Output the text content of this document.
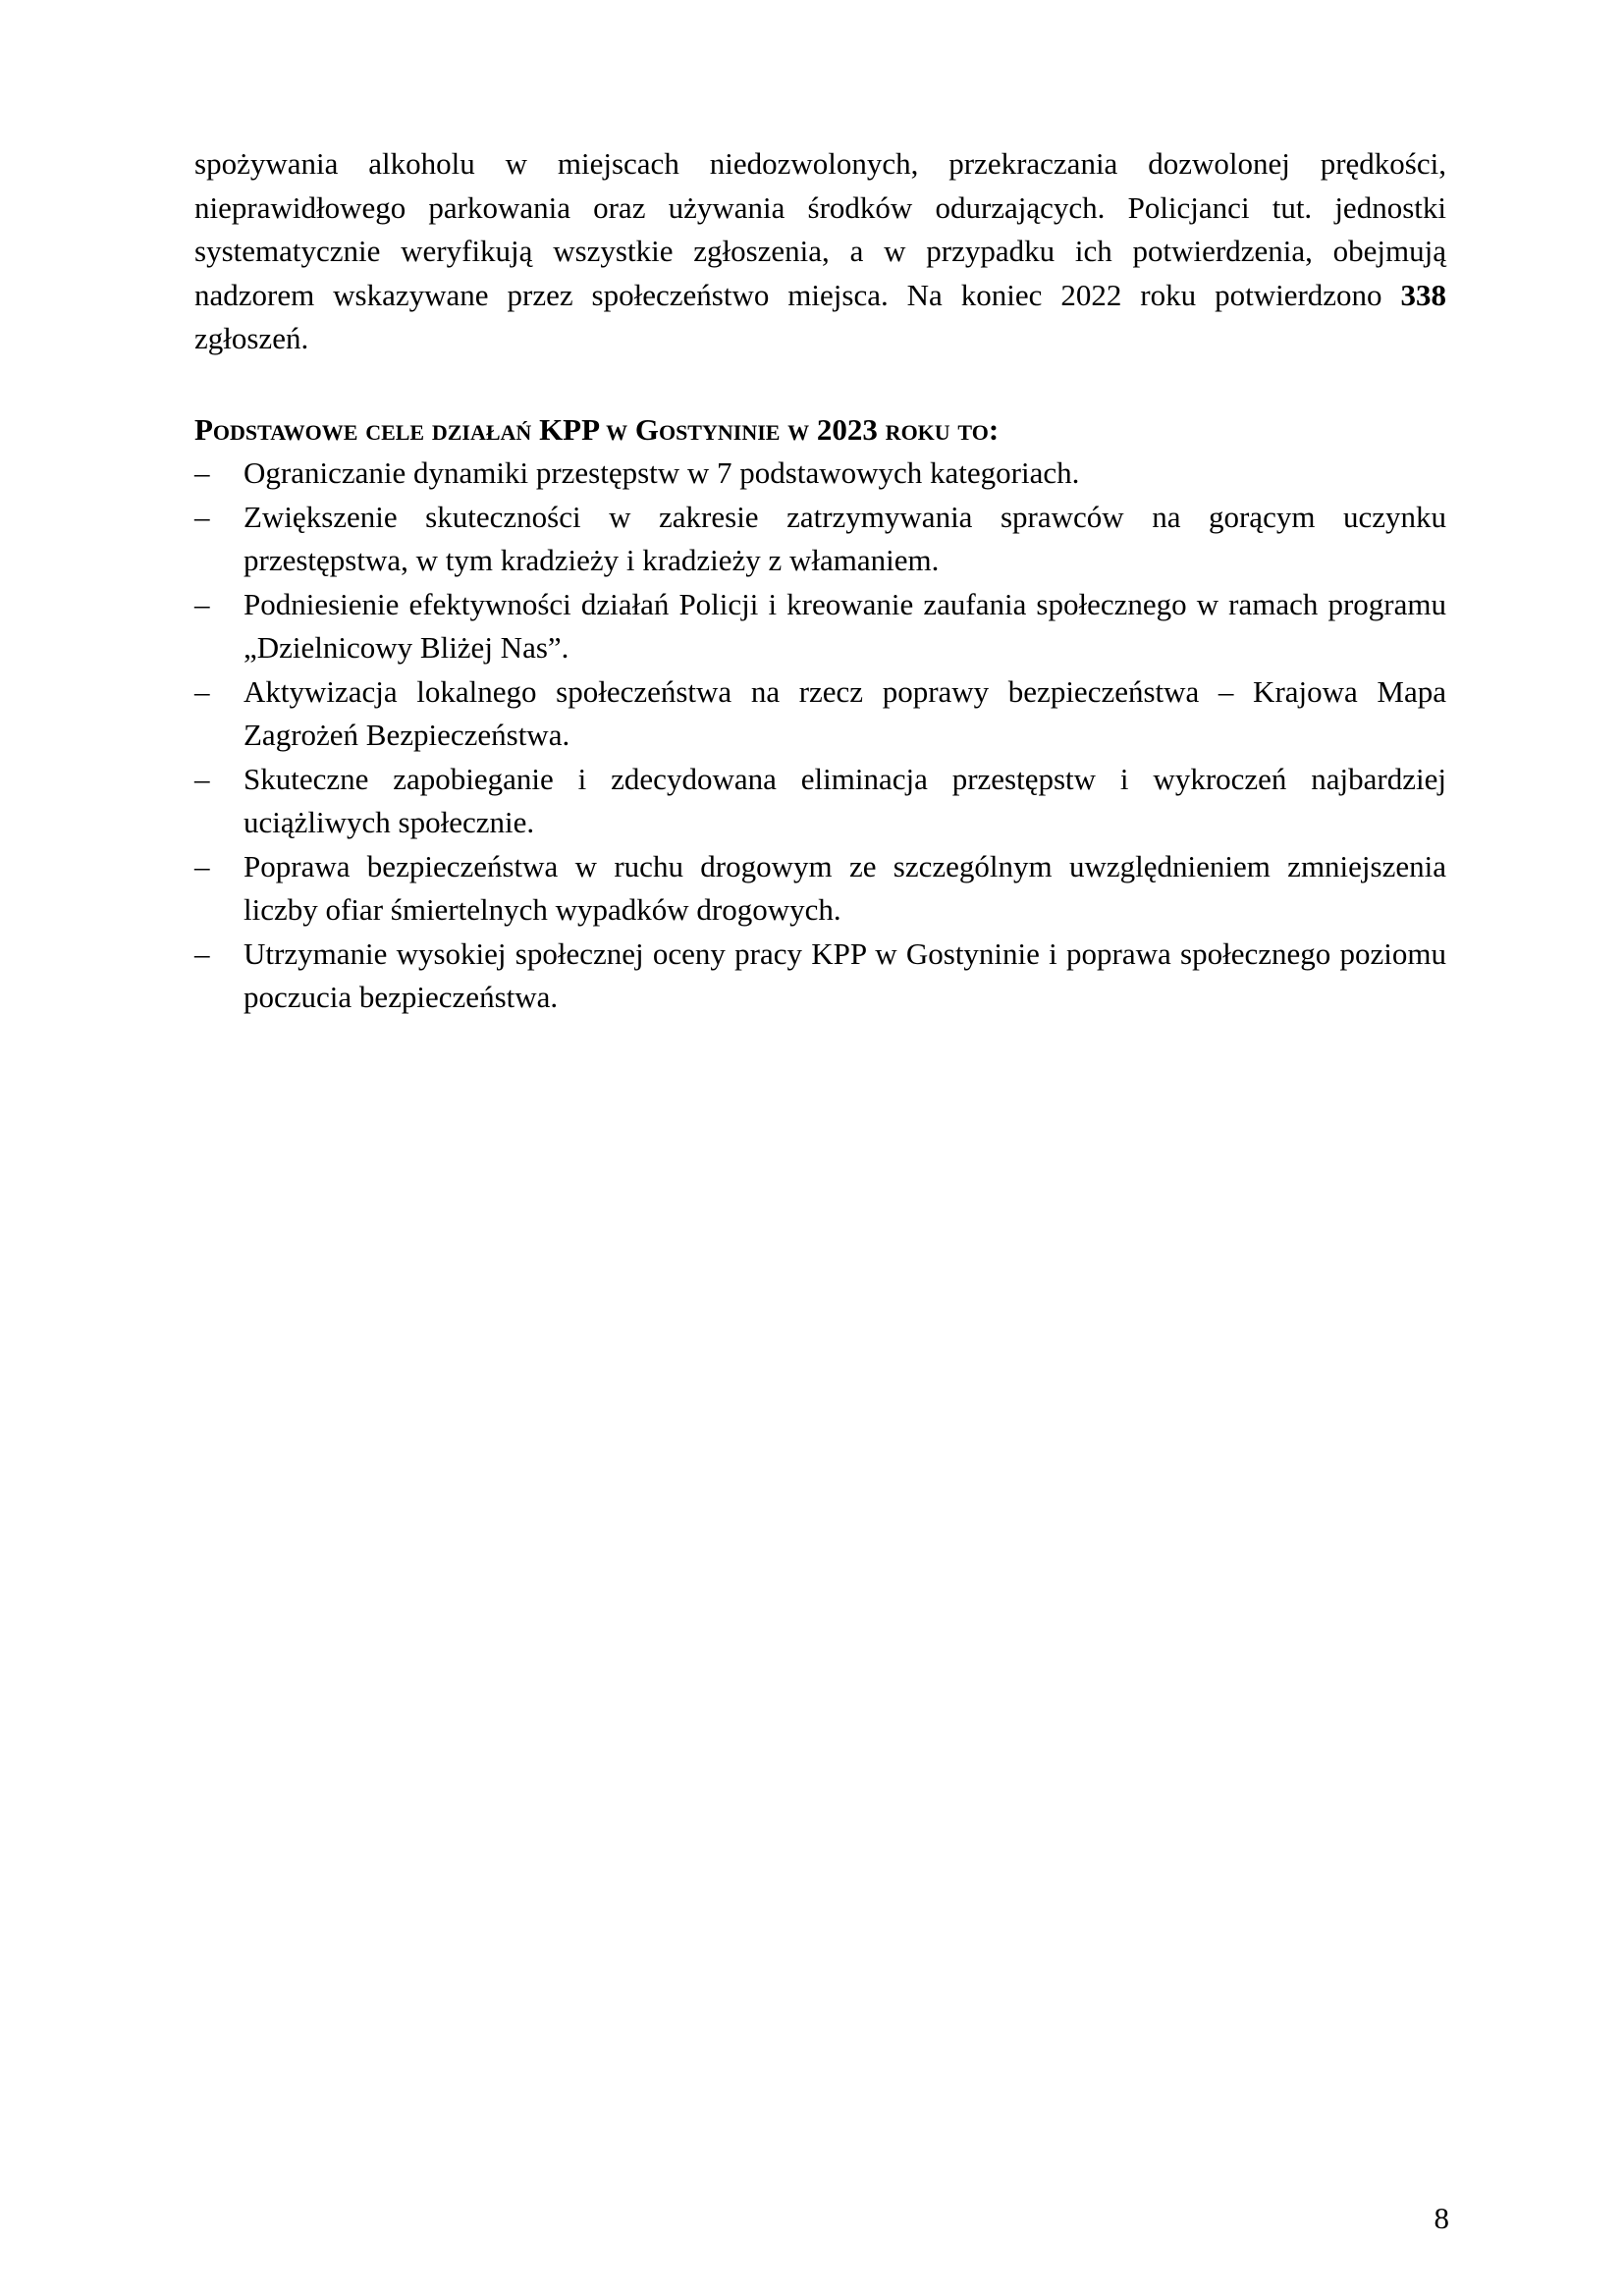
spożywania alkoholu w miejscach niedozwolonych, przekraczania dozwolonej prędkości, nieprawidłowego parkowania oraz używania środków odurzających. Policjanci tut. jednostki systematycznie weryfikują wszystkie zgłoszenia, a w przypadku ich potwierdzenia, obejmują nadzorem wskazywane przez społeczeństwo miejsca. Na koniec 2022 roku potwierdzono 338 zgłoszeń.

Podstawowe cele działań KPP w Gostyninie w 2023 roku to:
–	Ograniczanie dynamiki przestępstw w 7 podstawowych kategoriach.
–	Zwiększenie skuteczności w zakresie zatrzymywania sprawców na gorącym uczynku przestępstwa, w tym kradzieży i kradzieży z włamaniem.
–	Podniesienie efektywności działań Policji i kreowanie zaufania społecznego w ramach programu „Dzielnicowy Bliżej Nas”.
–	Aktywizacja lokalnego społeczeństwa na rzecz poprawy bezpieczeństwa – Krajowa Mapa Zagrożeń Bezpieczeństwa.
–	Skuteczne zapobieganie i zdecydowana eliminacja przestępstw i wykroczeń najbardziej uciążliwych społecznie.
–	Poprawa bezpieczeństwa w ruchu drogowym ze szczególnym uwzględnieniem zmniejszenia liczby ofiar śmiertelnych wypadków drogowych.
–	Utrzymanie wysokiej społecznej oceny pracy KPP w Gostyninie i poprawa społecznego poziomu poczucia bezpieczeństwa.
8
